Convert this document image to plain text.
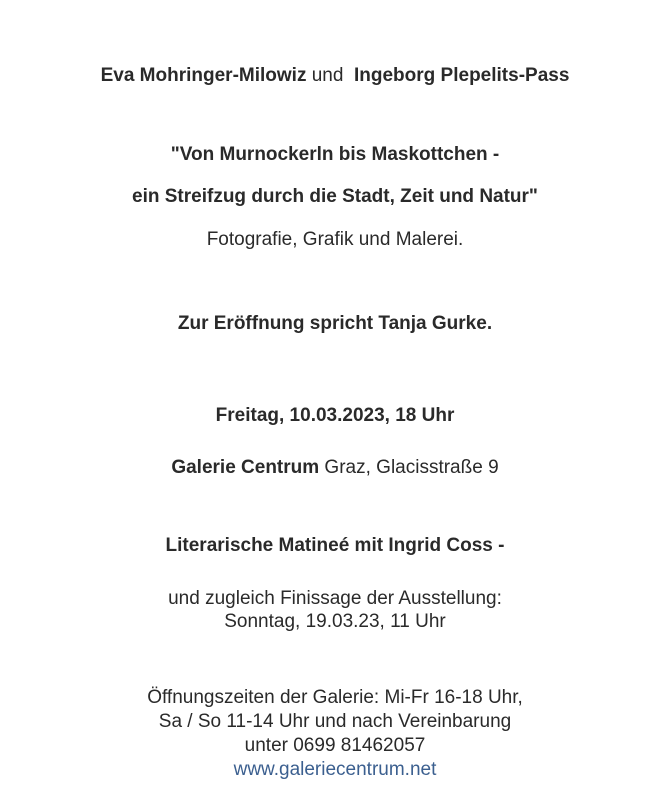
Eva Mohringer-Milowiz und  Ingeborg Plepelits-Pass
"Von Murnockerln bis Maskottchen -
ein Streifzug durch die Stadt, Zeit und Natur"
Fotografie, Grafik und Malerei.
Zur Eröffnung spricht Tanja Gurke.
Freitag, 10.03.2023, 18 Uhr
Galerie Centrum Graz, Glacisstraße 9
Literarische Matineé mit Ingrid Coss -
und zugleich Finissage der Ausstellung:
Sonntag, 19.03.23, 11 Uhr
Öffnungszeiten der Galerie: Mi-Fr 16-18 Uhr,
Sa / So 11-14 Uhr und nach Vereinbarung
unter 0699 81462057
www.galeriecentrum.net
